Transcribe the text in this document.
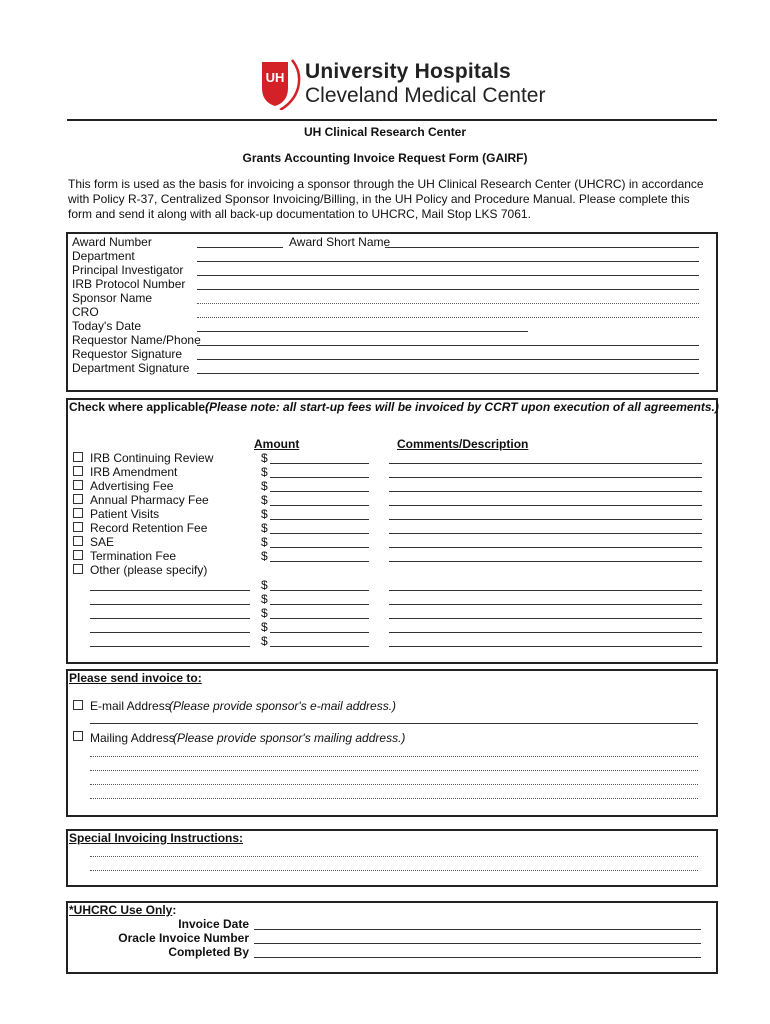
UH University Hospitals
Cleveland Medical Center
UH Clinical Research Center
Grants Accounting Invoice Request Form (GAIRF)
This form is used as the basis for invoicing a sponsor through the UH Clinical Research Center (UHCRC) in accordance with Policy R-37, Centralized Sponsor Invoicing/Billing, in the UH Policy and Procedure Manual. Please complete this form and send it along with all back-up documentation to UHCRC, Mail Stop LKS 7061.
Award Number	Award Short Name
Department
Principal Investigator
IRB Protocol Number
Sponsor Name
CRO
Today's Date
Requestor Name/Phone
Requestor Signature
Department Signature
Check where applicable:
(Please note: all start-up fees will be invoiced by CCRT upon execution of all agreements.)
Amount	Comments/Description
IRB Continuing Review	$
IRB Amendment	$
Advertising Fee	$
Annual Pharmacy Fee	$
Patient Visits	$
Record Retention Fee	$
SAE	$
Termination Fee	$
Other (please specify)
$
$
$
$
$
Please send invoice to:
E-mail Address
(Please provide sponsor's e-mail address.)
Mailing Address
(Please provide sponsor's mailing address.)
Special Invoicing Instructions:
*UHCRC Use Only:
Invoice Date
Oracle Invoice Number
Completed By
